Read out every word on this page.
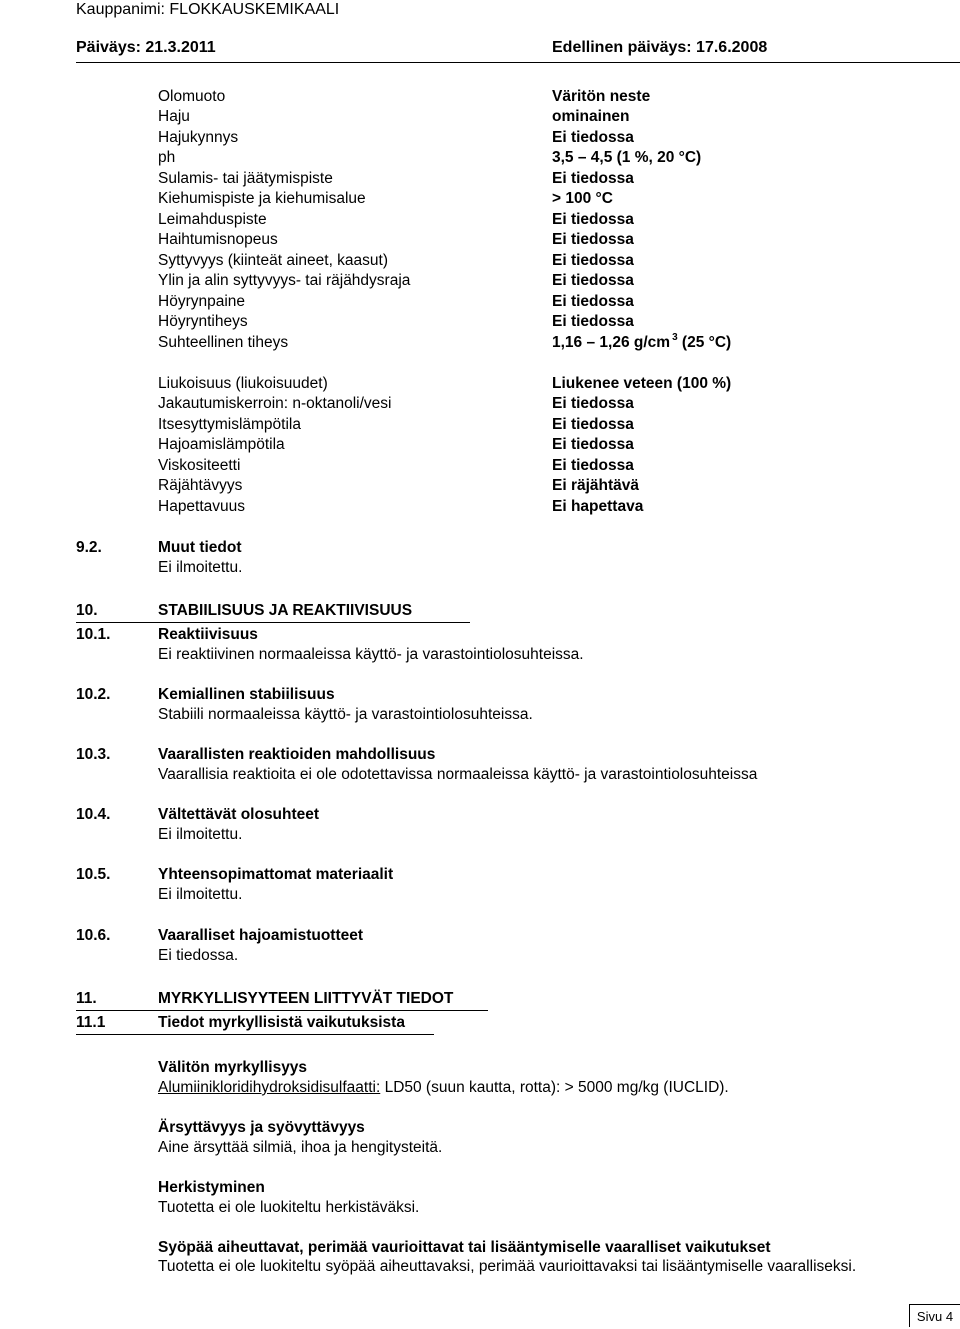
Kauppanimi: FLOKKAUSKEMIKAALI
Päiväys: 21.3.2011	Edellinen päiväys: 17.6.2008
Olomuoto	Väritön neste
Haju	ominainen
Hajukynnys	Ei tiedossa
ph	3,5 – 4,5 (1 %, 20 °C)
Sulamis- tai jäätymispiste	Ei tiedossa
Kiehumispiste ja kiehumisalue	> 100 °C
Leimahduspiste	Ei tiedossa
Haihtumisnopeus	Ei tiedossa
Syttyvyys (kiinteät aineet, kaasut)	Ei tiedossa
Ylin ja alin syttyvyys- tai räjähdysraja	Ei tiedossa
Höyrynpaine	Ei tiedossa
Höyryntiheys	Ei tiedossa
Suhteellinen tiheys	1,16 – 1,26 g/cm $^3$ (25 °C)
Liukoisuus (liukoisuudet)	Liukenee veteen (100 %)
Jakautumiskerroin: n-oktanoli/vesi	Ei tiedossa
Itsesyttymislämpötila	Ei tiedossa
Hajoamislämpötila	Ei tiedossa
Viskositeetti	Ei tiedossa
Räjähtävyys	Ei räjähtävä
Hapettavuus	Ei hapettava
9.2.	Muut tiedot
Ei ilmoitettu.
10.	STABIILISUUS JA REAKTIIVISUUS
10.1.	Reaktiivisuus
Ei reaktiivinen normaaleissa käyttö- ja varastointiolosuhteissa.
10.2.	Kemiallinen stabiilisuus
Stabiili normaaleissa käyttö- ja varastointiolosuhteissa.
10.3.	Vaarallisten reaktioiden mahdollisuus
Vaarallisia reaktioita ei ole odotettavissa normaaleissa käyttö- ja varastointiolosuhteissa
10.4.	Vältettävät olosuhteet
Ei ilmoitettu.
10.5.	Yhteensopimattomat materiaalit
Ei ilmoitettu.
10.6.	Vaaralliset hajoamistuotteet
Ei tiedossa.
11.	MYRKYLLISYYTEEN LIITTYVÄT TIEDOT
11.1	Tiedot myrkyllisistä vaikutuksista
Välitön myrkyllisyys
Alumiinikloridihydroksidisulfaatti: LD50 (suun kautta, rotta): > 5000 mg/kg (IUCLID).
Ärsyttävyys ja syövyttävyys
Aine ärsyttää silmiä, ihoa ja hengitysteitä.
Herkistyminen
Tuotetta ei ole luokiteltu herkistäväksi.
Syöpää aiheuttavat, perimää vaurioittavat tai lisääntymiselle vaaralliset vaikutukset
Tuotetta ei ole luokiteltu syöpää aiheuttavaksi, perimää vaurioittavaksi tai lisääntymiselle vaaralliseksi.
Sivu 4
